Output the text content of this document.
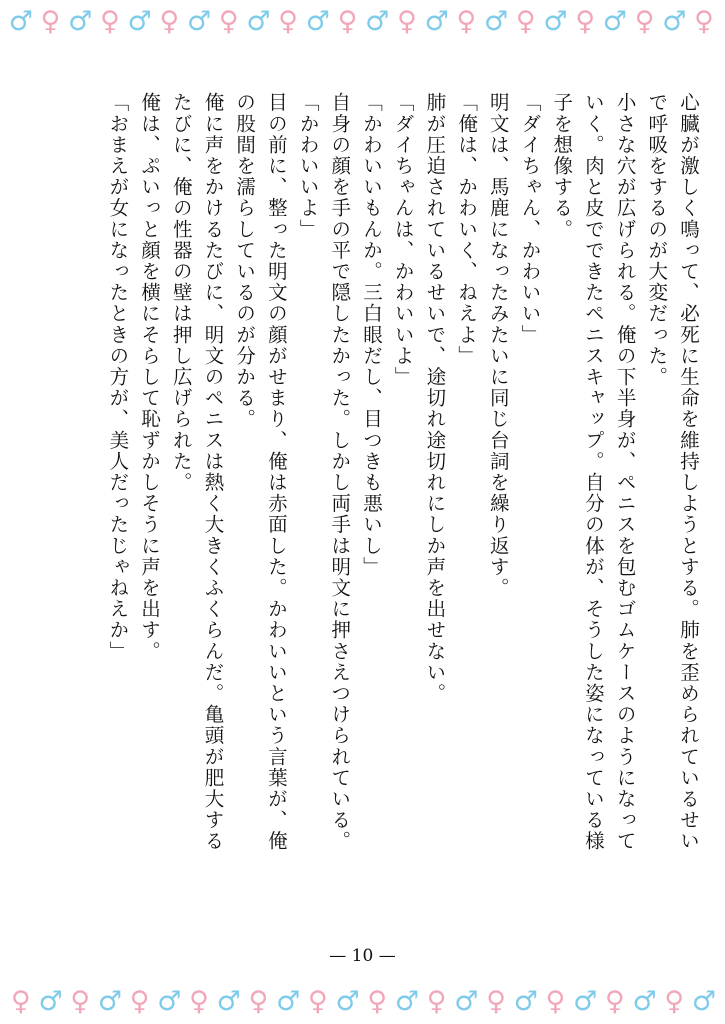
♂ ♀ ♂ ♀ ♂ ♀ ♂ ♀ ♂ ♀ ♂ ♀ ♂ ♀ ♂ ♀ ♂ ♀ ♂ ♀ ♂ ♀ ♂ ♀

心臓が激しく鳴って、必死に生命を維持しようとする。肺を歪められているせいで呼吸をするのが大変だった。

小さな穴が広げられる。俺の下半身が、ペニスを包むゴムケースのようになっていく。肉と皮でできたペニスキャップ。自分の体が、そうした姿になっている様子を想像する。

「ダイちゃん、かわいい」

明文は、馬鹿になったみたいに同じ台詞を繰り返す。

「俺は、かわいく、ねえよ」

肺が圧迫されているせいで、途切れ途切れにしか声を出せない。

「ダイちゃんは、かわいいよ」

「かわいいもんか。三白眼だし、目つきも悪いし」

自身の顔を手の平で隠したかった。しかし両手は明文に押さえつけられている。

「かわいいよ」

目の前に、整った明文の顔がせまり、俺は赤面した。かわいいという言葉が、俺の股間を濡らしているのが分かる。

俺に声をかけるたびに、明文のペニスは熱く大きくふくらんだ。亀頭が肥大するたびに、俺の性器の壁は押し広げられた。

俺は、ぷいっと顔を横にそらして恥ずかしそうに声を出す。

「おまえが女になったときの方が、美人だったじゃねえか」

— 10 —
♀ ♂ ♀ ♂ ♀ ♂ ♀ ♂ ♀ ♂ ♀ ♂ ♀ ♂ ♀ ♂ ♀ ♂ ♀ ♂ ♀ ♂ ♀ ♂
